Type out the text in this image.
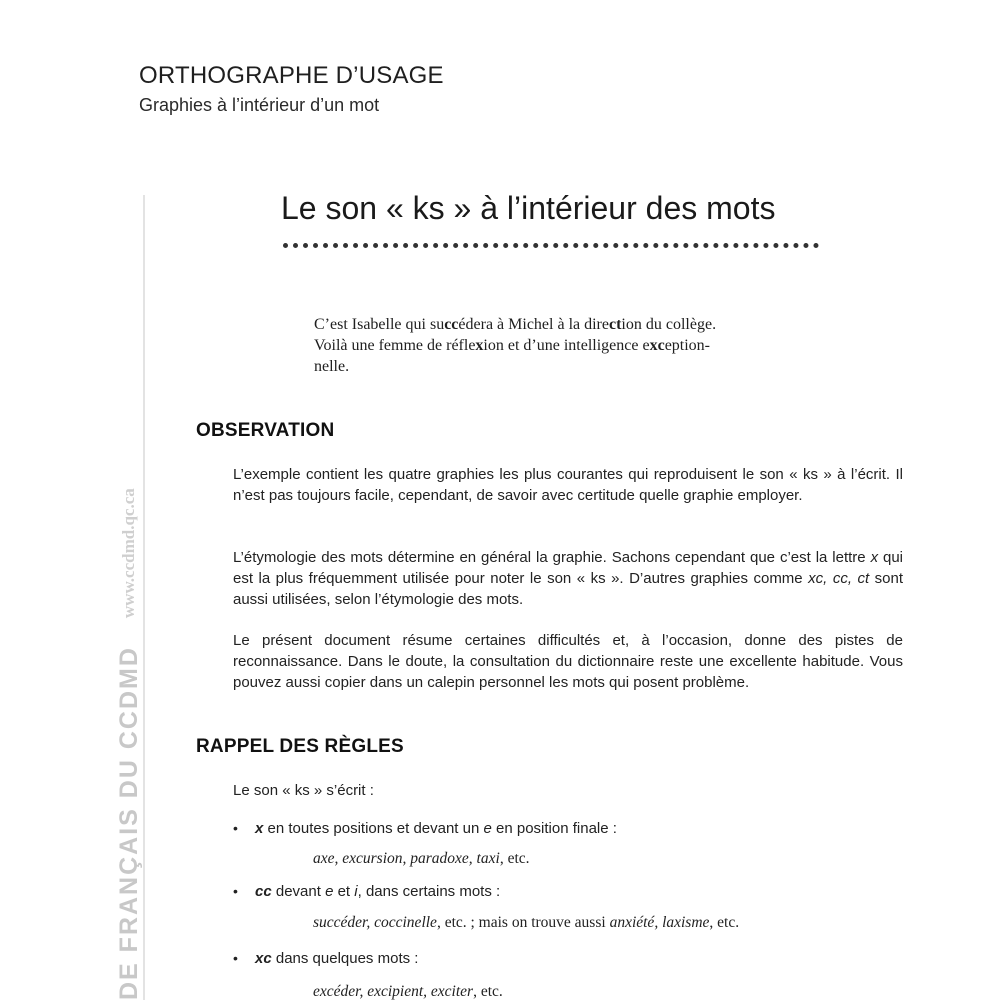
ORTHOGRAPHE D’USAGE
Graphies à l’intérieur d’un mot
DE FRANÇAIS DU CCDMD
www.ccdmd.qc.ca
Le son « ks » à l’intérieur des mots

C’est Isabelle qui succédera à Michel à la direction du collège.

Voilà une femme de réflexion et d’une intelligence exception-

nelle.

OBSERVATION

L’exemple contient les quatre graphies les plus courantes qui reproduisent le son « ks » à l’écrit. Il n’est pas toujours facile, cependant, de savoir avec certitude quelle graphie employer.

L’étymologie des mots détermine en général la graphie. Sachons cependant que c’est la lettre x qui est la plus fréquemment utilisée pour noter le son « ks ». D’autres graphies comme xc, cc, ct sont aussi utilisées, selon l’étymologie des mots.

Le présent document résume certaines difficultés et, à l’occasion, donne des pistes de reconnaissance. Dans le doute, la consultation du dictionnaire reste une excellente habitude. Vous pouvez aussi copier dans un calepin personnel les mots qui posent problème.

RAPPEL DES RÈGLES
Le son « ks » s’écrit :
• x en toutes positions et devant un e en position finale :
axe, excursion, paradoxe, taxi, etc.
• cc devant e et i, dans certains mots :
succéder, coccinelle, etc. ; mais on trouve aussi anxiété, laxisme, etc.
• xc dans quelques mots :
excéder, excipient, exciter, etc.
